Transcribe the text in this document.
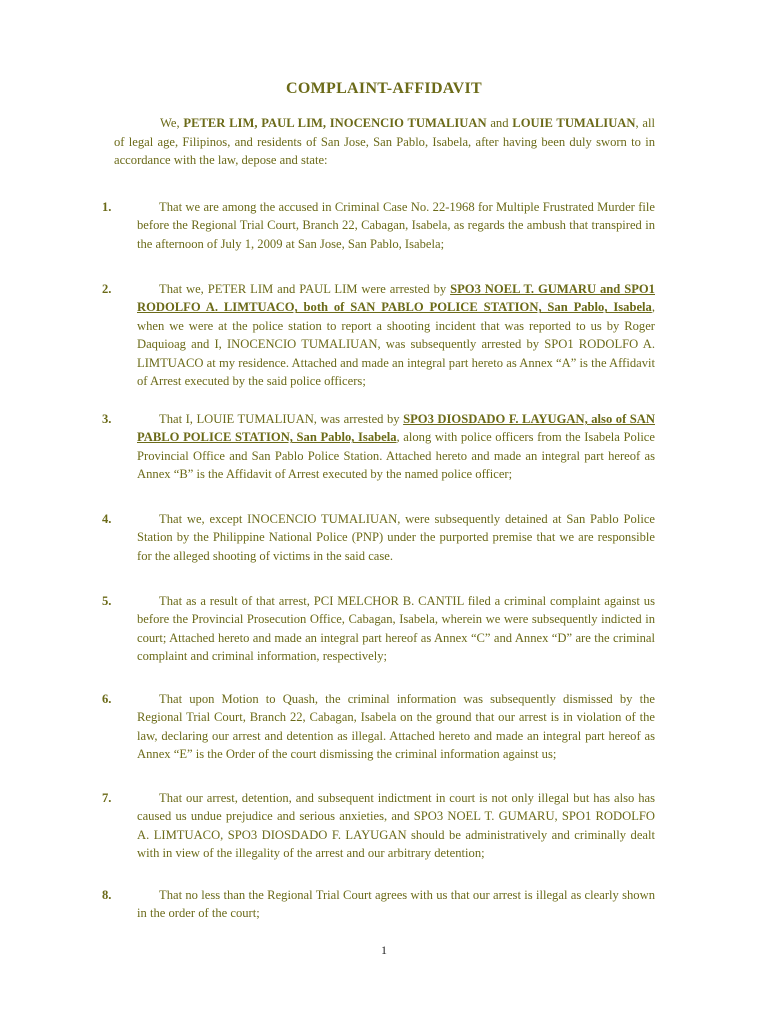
COMPLAINT-AFFIDAVIT
We, PETER LIM, PAUL LIM, INOCENCIO TUMALIUAN and LOUIE TUMALIUAN, all of legal age, Filipinos, and residents of San Jose, San Pablo, Isabela, after having been duly sworn to in accordance with the law, depose and state:
1.	That we are among the accused in Criminal Case No. 22-1968 for Multiple Frustrated Murder file before the Regional Trial Court, Branch 22, Cabagan, Isabela, as regards the ambush that transpired in the afternoon of July 1, 2009 at San Jose, San Pablo, Isabela;
2.	That we, PETER LIM and PAUL LIM were arrested by SPO3 NOEL T. GUMARU and SPO1 RODOLFO A. LIMTUACO, both of SAN PABLO POLICE STATION, San Pablo, Isabela, when we were at the police station to report a shooting incident that was reported to us by Roger Daquioag and I, INOCENCIO TUMALIUAN, was subsequently arrested by SPO1 RODOLFO A. LIMTUACO at my residence. Attached and made an integral part hereto as Annex “A” is the Affidavit of Arrest executed by the said police officers;
3.	That I, LOUIE TUMALIUAN, was arrested by SPO3 DIOSDADO F. LAYUGAN, also of SAN PABLO POLICE STATION, San Pablo, Isabela, along with police officers from the Isabela Police Provincial Office and San Pablo Police Station. Attached hereto and made an integral part hereof as Annex “B” is the Affidavit of Arrest executed by the named police officer;
4.	That we, except INOCENCIO TUMALIUAN, were subsequently detained at San Pablo Police Station by the Philippine National Police (PNP) under the purported premise that we are responsible for the alleged shooting of victims in the said case.
5.	That as a result of that arrest, PCI MELCHOR B. CANTIL filed a criminal complaint against us before the Provincial Prosecution Office, Cabagan, Isabela, wherein we were subsequently indicted in court; Attached hereto and made an integral part hereof as Annex “C” and Annex “D” are the criminal complaint and criminal information, respectively;
6.	That upon Motion to Quash, the criminal information was subsequently dismissed by the Regional Trial Court, Branch 22, Cabagan, Isabela on the ground that our arrest is in violation of the law, declaring our arrest and detention as illegal. Attached hereto and made an integral part hereof as Annex “E” is the Order of the court dismissing the criminal information against us;
7.	That our arrest, detention, and subsequent indictment in court is not only illegal but has also has caused us undue prejudice and serious anxieties, and SPO3 NOEL T. GUMARU, SPO1 RODOLFO A. LIMTUACO, SPO3 DIOSDADO F. LAYUGAN should be administratively and criminally dealt with in view of the illegality of the arrest and our arbitrary detention;
8.	That no less than the Regional Trial Court agrees with us that our arrest is illegal as clearly shown in the order of the court;
1
